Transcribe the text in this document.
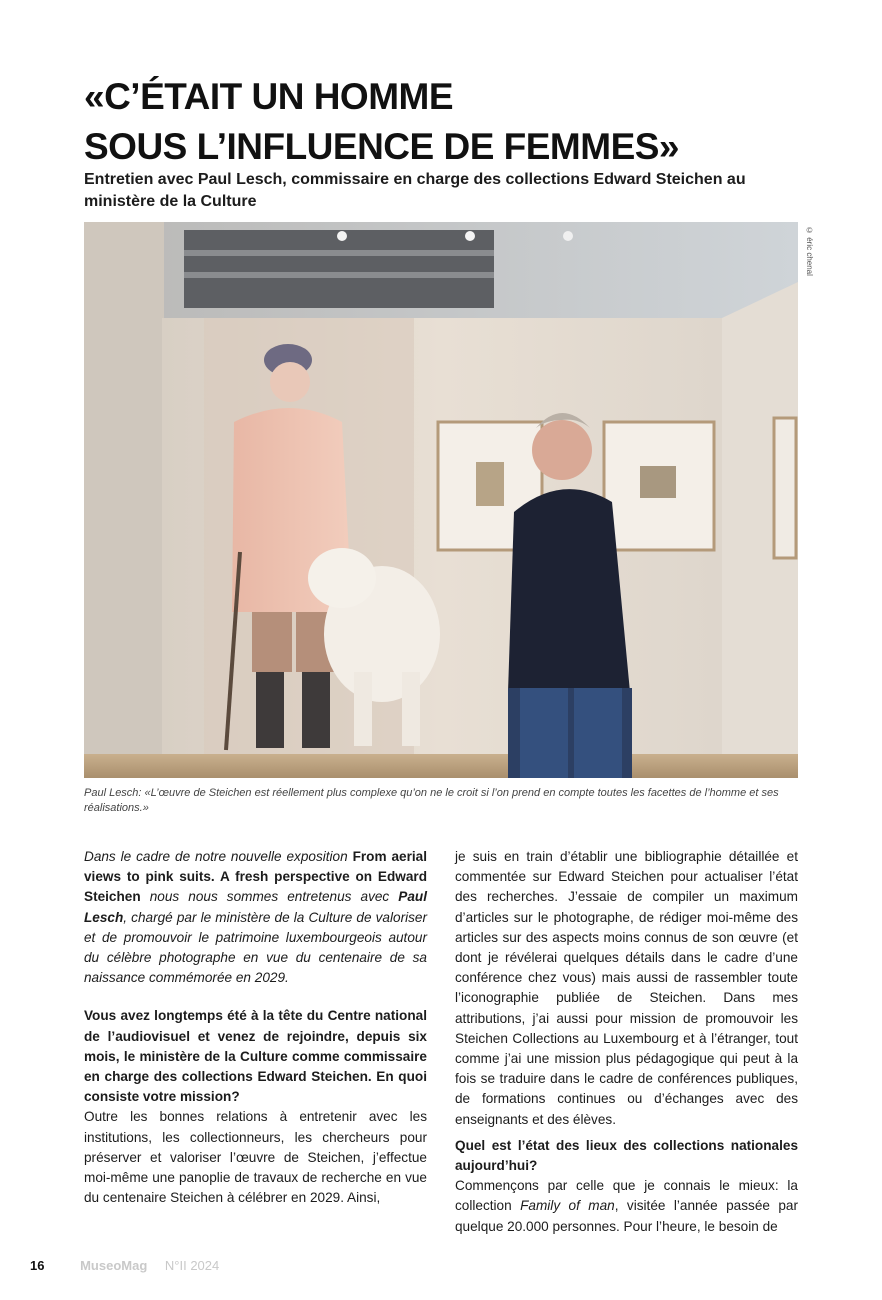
«C’ÉTAIT UN HOMME
SOUS L’INFLUENCE DE FEMMES»
Entretien avec Paul Lesch, commissaire en charge des collections Edward Steichen au ministère de la Culture
© éric chenal
Paul Lesch: «L’œuvre de Steichen est réellement plus complexe qu’on ne le croit si l’on prend en compte toutes les facettes de l’homme et ses réalisations.»

Dans le cadre de notre nouvelle exposition From aerial views to pink suits. A fresh perspective on Edward Steichen nous nous sommes entretenus avec Paul Lesch, chargé par le ministère de la Culture de valoriser et de promouvoir le patrimoine luxembourgeois autour du célèbre photographe en vue du centenaire de sa naissance commémorée en 2029.

Vous avez longtemps été à la tête du Centre national de l’audiovisuel et venez de rejoindre, depuis six mois, le ministère de la Culture comme commissaire en charge des collections Edward Steichen. En quoi consiste votre mission?

Outre les bonnes relations à entretenir avec les institutions, les collectionneurs, les chercheurs pour préserver et valoriser l’œuvre de Steichen, j’effectue moi-même une panoplie de travaux de recherche en vue du centenaire Steichen à célébrer en 2029. Ainsi,

je suis en train d’établir une bibliographie détaillée et commentée sur Edward Steichen pour actualiser l’état des recherches. J’essaie de compiler un maximum d’articles sur le photographe, de rédiger moi-même des articles sur des aspects moins connus de son œuvre (et dont je révélerai quelques détails dans le cadre d’une conférence chez vous) mais aussi de rassembler toute l’iconographie publiée de Steichen. Dans mes attributions, j’ai aussi pour mission de promouvoir les Steichen Collections au Luxembourg et à l’étranger, tout comme j’ai une mission plus pédagogique qui peut à la fois se traduire dans le cadre de conférences publiques, de formations continues ou d’échanges avec des enseignants et des élèves.

Quel est l’état des lieux des collections nationales aujourd’hui?

Commençons par celle que je connais le mieux: la collection Family of man, visitée l’année passée par quelque 20.000 personnes. Pour l’heure, le besoin de

16	MuseoMag N°II 2024
